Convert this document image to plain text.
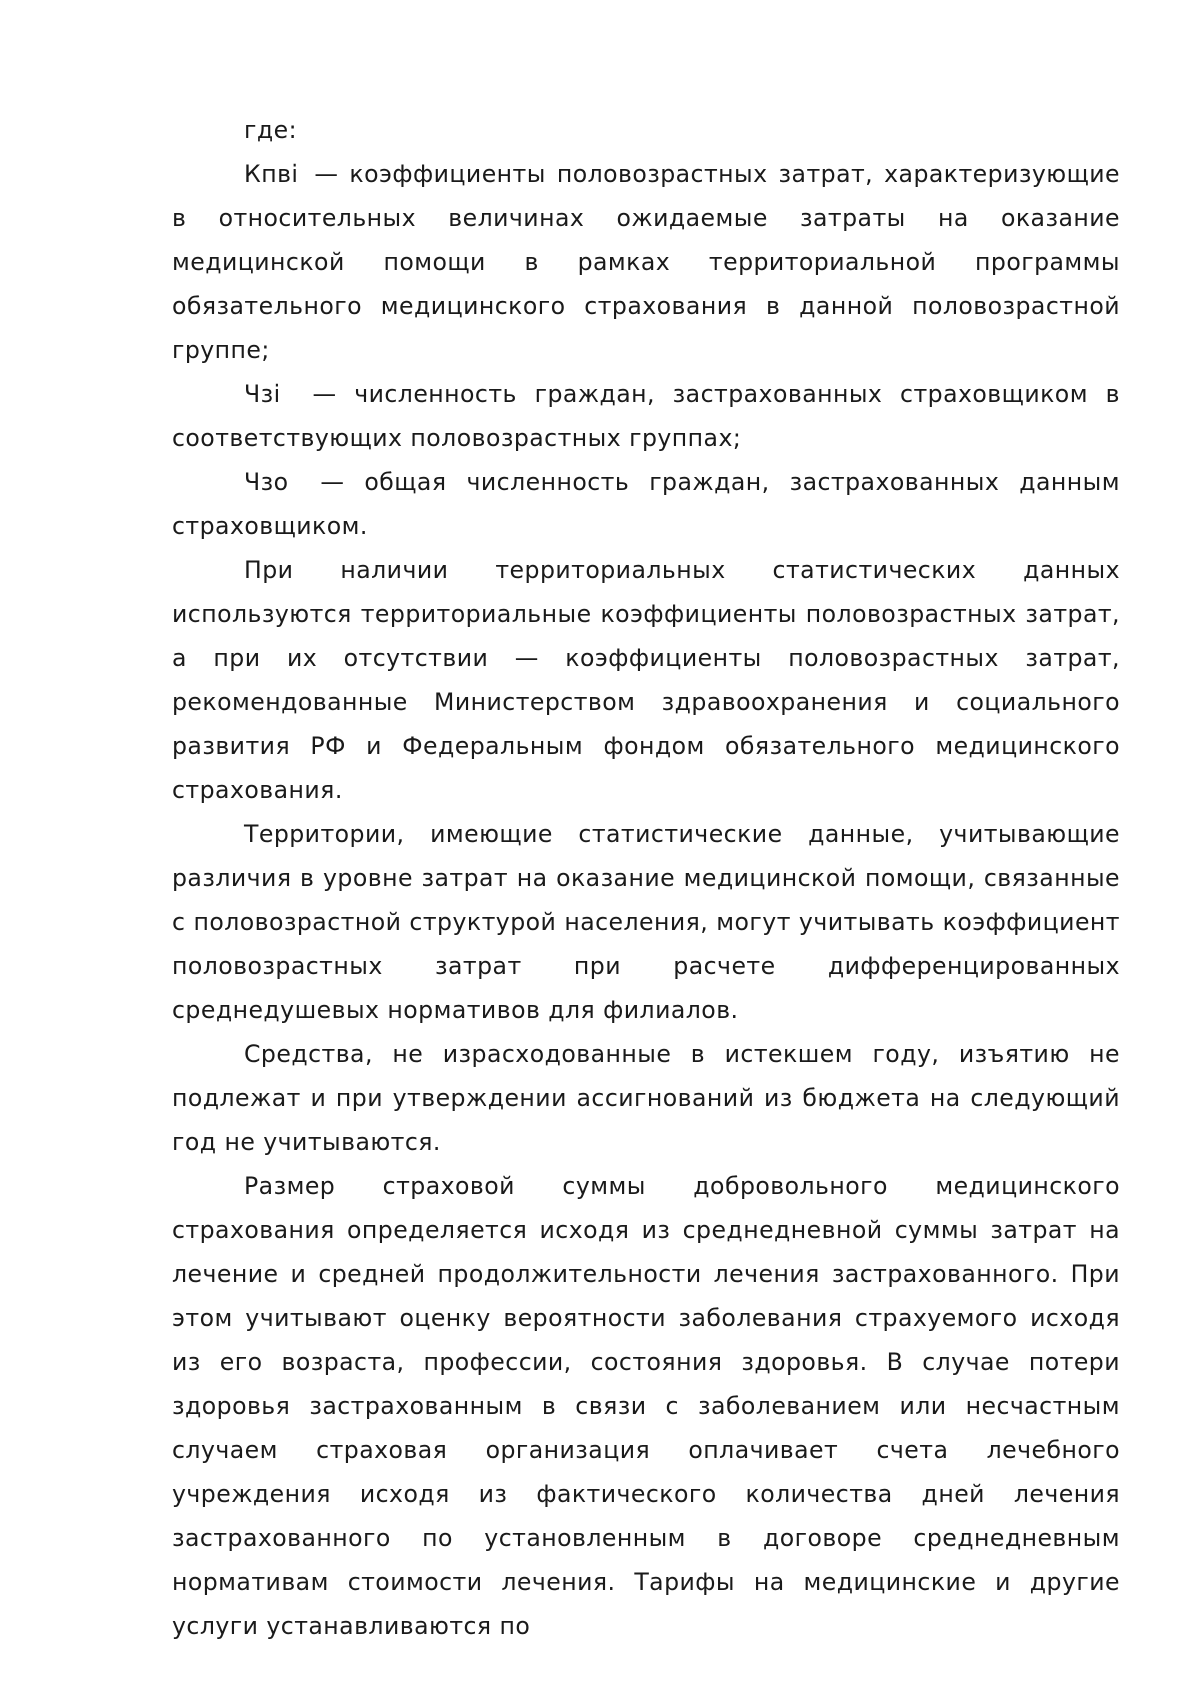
где:

Кпві — коэффициенты половозрастных затрат, характеризующие в относительных величинах ожидаемые затраты на оказание медицинской помощи в рамках территориальной программы обязательного медицинского страхования в данной половозрастной группе;

Чзі — численность граждан, застрахованных страховщиком в соответствующих половозрастных группах;

Чзо — общая численность граждан, застрахованных данным страховщиком.

При наличии территориальных статистических данных используются территориальные коэффициенты половозрастных затрат, а при их отсутствии — коэффициенты половозрастных затрат, рекомендованные Министерством здравоохранения и социального развития РФ и Федеральным фондом обязательного медицинского страхования.

Территории, имеющие статистические данные, учитывающие различия в уровне затрат на оказание медицинской помощи, связанные с половозрастной структурой населения, могут учитывать коэффициент половозрастных затрат при расчете дифференцированных среднедушевых нормативов для филиалов.

Средства, не израсходованные в истекшем году, изъятию не подлежат и при утверждении ассигнований из бюджета на следующий год не учитываются.

Размер страховой суммы добровольного медицинского страхования определяется исходя из среднедневной суммы затрат на лечение и средней продолжительности лечения застрахованного. При этом учитывают оценку вероятности заболевания страхуемого исходя из его возраста, профессии, состояния здоровья. В случае потери здоровья застрахованным в связи с заболеванием или несчастным случаем страховая организация оплачивает счета лечебного учреждения исходя из фактического количества дней лечения застрахованного по установленным в договоре среднедневным нормативам стоимости лечения. Тарифы на медицинские и другие услуги устанавливаются по
